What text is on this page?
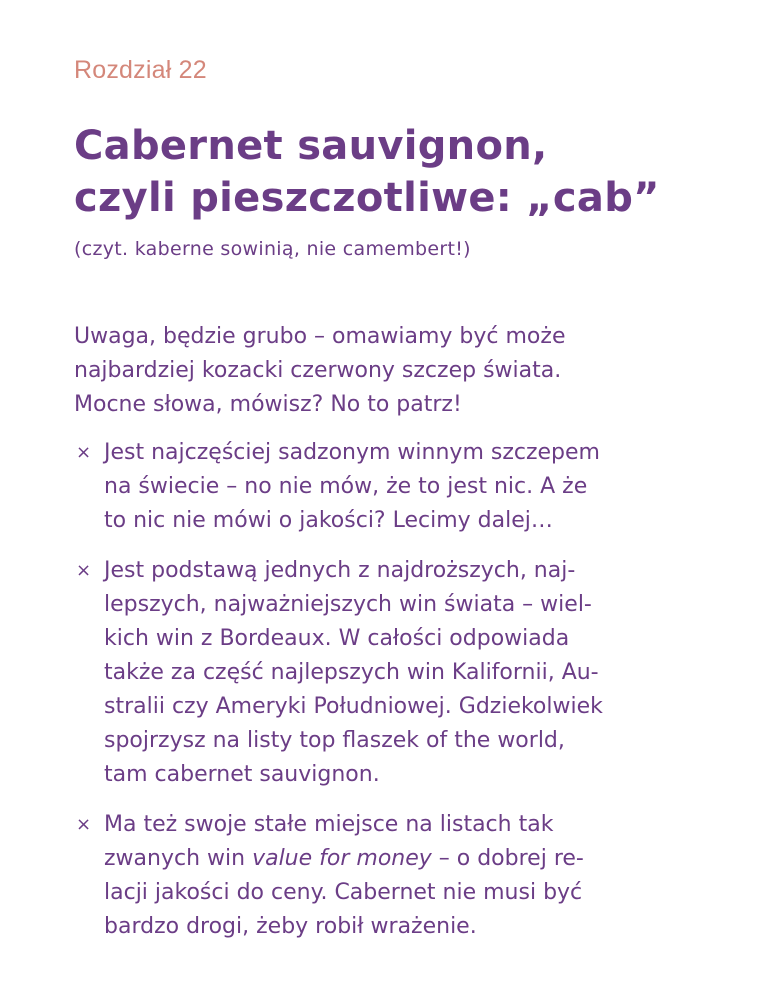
Rozdział 22
Cabernet sauvignon,
czyli pieszczotliwe: „cab”
(czyt. kaberne sowinią, nie camembert!)
Uwaga, będzie grubo – omawiamy być może
najbardziej kozacki czerwony szczep świata.
Mocne słowa, mówisz? No to patrz!
× Jest najczęściej sadzonym winnym szczepem
na świecie – no nie mów, że to jest nic. A że
to nic nie mówi o jakości? Lecimy dalej…
× Jest podstawą jednych z najdroższych, naj-
lepszych, najważniejszych win świata – wiel-
kich win z Bordeaux. W całości odpowiada
także za część najlepszych win Kalifornii, Au-
stralii czy Ameryki Południowej. Gdziekolwiek
spojrzysz na listy top flaszek of the world,
tam cabernet sauvignon.
× Ma też swoje stałe miejsce na listach tak
zwanych win value for money – o dobrej re-
lacji jakości do ceny. Cabernet nie musi być
bardzo drogi, żeby robił wrażenie.
